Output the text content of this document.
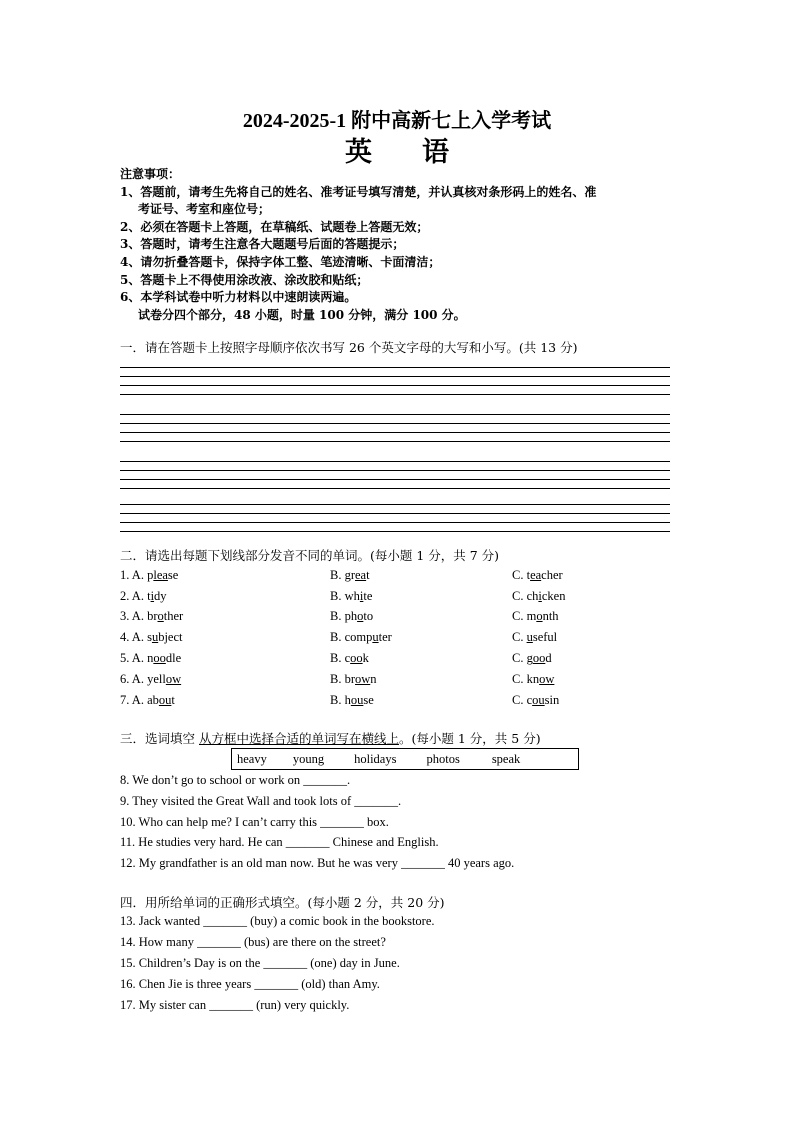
2024-2025-1 附中高新七上入学考试
英语
注意事项：
1、答题前，请考生先将自己的姓名、准考证号填写清楚，并认真核对条形码上的姓名、准
考证号、考室和座位号；
2、必须在答题卡上答题，在草稿纸、试题卷上答题无效；
3、答题时，请考生注意各大题题号后面的答题提示；
4、请勿折叠答题卡，保持字体工整、笔迹清晰、卡面清洁；
5、答题卡上不得使用涂改液、涂改胶和贴纸；
6、本学科试卷中听力材料以中速朗读两遍。
试卷分四个部分，48 小题，时量 100 分钟，满分 100 分。
一．请在答题卡上按照字母顺序依次书写 26 个英文字母的大写和小写。(共 13 分)
二．请选出每题下划线部分发音不同的单词。(每小题 1 分，共 7 分)
1. A. please	B. great	C. teacher
2. A. tidy	B. white	C. chicken
3. A. brother	B. photo	C. month
4. A. subject	B. computer	C. useful
5. A. noodle	B. cook	C. good
6. A. yellow	B. brown	C. know
7. A. about	B. house	C. cousin
三．选词填空 从方框中选择合适的单词写在横线上。(每小题 1 分，共 5 分)
heavy young holidays photos	speak
8. We don’t go to school or work on _______.
9. They visited the Great Wall and took lots of _______.
10. Who can help me? I can’t carry this _______ box.
11. He studies very hard. He can _______ Chinese and English.
12. My grandfather is an old man now. But he was very _______ 40 years ago.
四．用所给单词的正确形式填空。(每小题 2 分，共 20 分)
13. Jack wanted _______ (buy) a comic book in the bookstore.
14. How many _______ (bus) are there on the street?
15. Children’s Day is on the _______ (one) day in June.
16. Chen Jie is three years _______ (old) than Amy.
17. My sister can _______ (run) very quickly.
